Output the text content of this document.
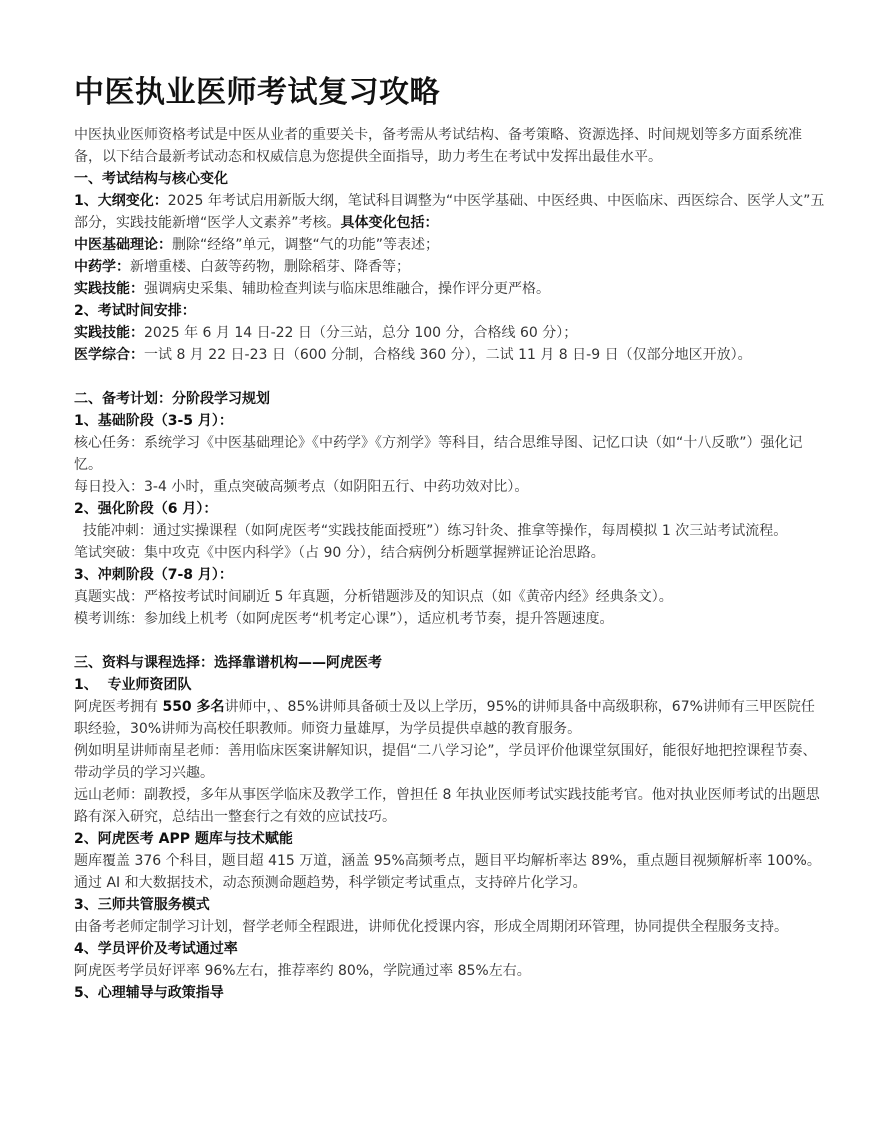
中医执业医师考试复习攻略

中医执业医师资格考试是中医从业者的重要关卡，备考需从考试结构、备考策略、资源选择、时间规划等多方面系统准备，以下结合最新考试动态和权威信息为您提供全面指导，助力考生在考试中发挥出最佳水平。

一、考试结构与核心变化

1、大纲变化：2025 年考试启用新版大纲，笔试科目调整为“中医学基础、中医经典、中医临床、西医综合、医学人文”五部分，实践技能新增“医学人文素养”考核。具体变化包括：

中医基础理论：删除“经络”单元，调整“气的功能”等表述；

中药学：新增重楼、白蔹等药物，删除稻芽、降香等；

实践技能：强调病史采集、辅助检查判读与临床思维融合，操作评分更严格。

2、考试时间安排：

实践技能：2025 年 6 月 14 日-22 日（分三站，总分 100 分，合格线 60 分）；

医学综合：一试 8 月 22 日-23 日（600 分制，合格线 360 分），二试 11 月 8 日-9 日（仅部分地区开放）。

二、备考计划：分阶段学习规划

1、基础阶段（3-5 月）：

核心任务：系统学习《中医基础理论》《中药学》《方剂学》等科目，结合思维导图、记忆口诀（如“十八反歌”）强化记忆。

每日投入：3-4 小时，重点突破高频考点（如阴阳五行、中药功效对比）。

2、强化阶段（6 月）：

技能冲刺：通过实操课程（如阿虎医考“实践技能面授班”）练习针灸、推拿等操作，每周模拟 1 次三站考试流程。

笔试突破：集中攻克《中医内科学》（占 90 分），结合病例分析题掌握辨证论治思路。

3、冲刺阶段（7-8 月）：

真题实战：严格按考试时间刷近 5 年真题，分析错题涉及的知识点（如《黄帝内经》经典条文）。

模考训练：参加线上机考（如阿虎医考“机考定心课”），适应机考节奏，提升答题速度。

三、资料与课程选择：选择靠谱机构——阿虎医考

1、  专业师资团队

阿虎医考拥有 550 多名讲师中，、85%讲师具备硕士及以上学历，95%的讲师具备中高级职称，67%讲师有三甲医院任职经验，30%讲师为高校任职教师。师资力量雄厚，为学员提供卓越的教育服务。

例如明星讲师南星老师：善用临床医案讲解知识，提倡“二八学习论”，学员评价他课堂氛围好，能很好地把控课程节奏、带动学员的学习兴趣。

远山老师：副教授，多年从事医学临床及教学工作，曾担任 8 年执业医师考试实践技能考官。他对执业医师考试的出题思路有深入研究，总结出一整套行之有效的应试技巧。

2、阿虎医考 APP 题库与技术赋能

题库覆盖 376 个科目，题目超 415 万道，涵盖 95%高频考点，题目平均解析率达 89%，重点题目视频解析率 100%。通过 AI 和大数据技术，动态预测命题趋势，科学锁定考试重点，支持碎片化学习。

3、三师共管服务模式

由备考老师定制学习计划，督学老师全程跟进，讲师优化授课内容，形成全周期闭环管理，协同提供全程服务支持。

4、学员评价及考试通过率

阿虎医考学员好评率 96%左右，推荐率约 80%，学院通过率 85%左右。

5、心理辅导与政策指导
